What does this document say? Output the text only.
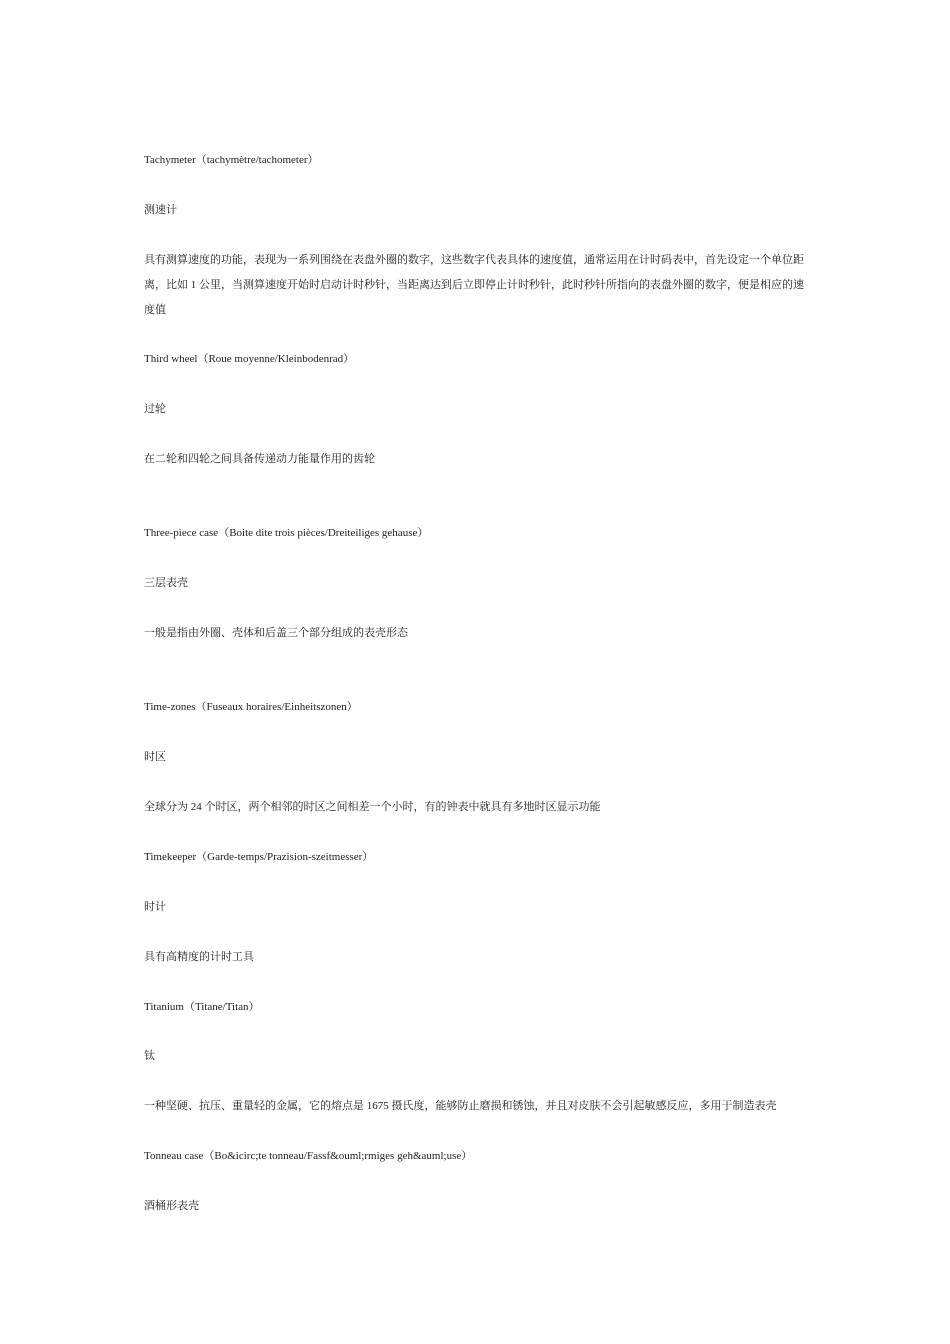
Tachymeter（tachymètre/tachometer）
测速计
具有测算速度的功能，表现为一系列围绕在表盘外圈的数字，这些数字代表具体的速度值，通常运用在计时码表中，首先设定一个单位距离，比如 1 公里，当测算速度开始时启动计时秒针，当距离达到后立即停止计时秒针，此时秒针所指向的表盘外圈的数字，便是相应的速度值
Third wheel（Roue moyenne/Kleinbodenrad）
过轮
在二轮和四轮之间具备传递动力能量作用的齿轮
Three-piece case（Boite dite trois pièces/Dreiteiliges gehause）
三层表壳
一般是指由外圈、壳体和后盖三个部分组成的表壳形态
Time-zones（Fuseaux horaires/Einheitszonen）
时区
全球分为 24 个时区，两个相邻的时区之间相差一个小时，有的钟表中就具有多地时区显示功能
Timekeeper（Garde-temps/Prazision-szeitmesser）
时计
具有高精度的计时工具
Titanium（Titane/Titan）
钛
一种坚硬、抗压、重量轻的金属，它的熔点是 1675 摄氏度，能够防止磨损和锈蚀，并且对皮肤不会引起敏感反应，多用于制造表壳
Tonneau case（Bo&icirc;te tonneau/Fassf&ouml;rmiges geh&auml;use）
酒桶形表壳
